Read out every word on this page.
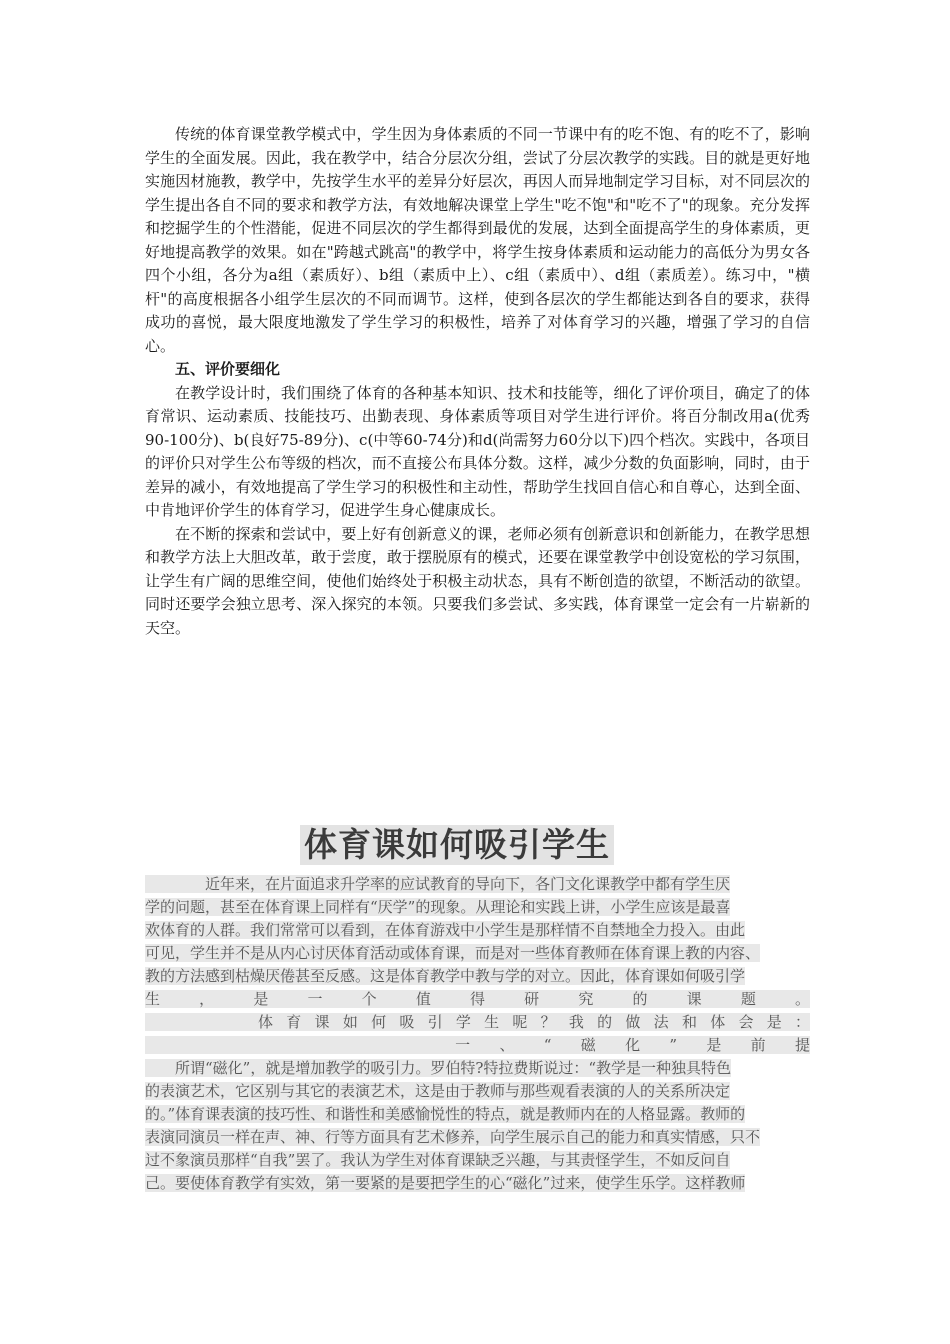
传统的体育课堂教学模式中，学生因为身体素质的不同一节课中有的吃不饱、有的吃不了，影响学生的全面发展。因此，我在教学中，结合分层次分组，尝试了分层次教学的实践。目的就是更好地实施因材施教，教学中，先按学生水平的差异分好层次，再因人而异地制定学习目标，对不同层次的学生提出各自不同的要求和教学方法，有效地解决课堂上学生"吃不饱"和"吃不了"的现象。充分发挥和挖掘学生的个性潜能，促进不同层次的学生都得到最优的发展，达到全面提高学生的身体素质，更好地提高教学的效果。如在"跨越式跳高"的教学中，将学生按身体素质和运动能力的高低分为男女各四个小组，各分为a组（素质好）、b组（素质中上）、c组（素质中）、d组（素质差）。练习中，"横杆"的高度根据各小组学生层次的不同而调节。这样，使到各层次的学生都能达到各自的要求，获得成功的喜悦，最大限度地激发了学生学习的积极性，培养了对体育学习的兴趣，增强了学习的自信心。

五、评价要细化

在教学设计时，我们围绕了体育的各种基本知识、技术和技能等，细化了评价项目，确定了的体育常识、运动素质、技能技巧、出勤表现、身体素质等项目对学生进行评价。将百分制改用a(优秀90-100分)、b(良好75-89分)、c(中等60-74分)和d(尚需努力60分以下)四个档次。实践中，各项目的评价只对学生公布等级的档次，而不直接公布具体分数。这样，减少分数的负面影响，同时，由于差异的减小，有效地提高了学生学习的积极性和主动性，帮助学生找回自信心和自尊心，达到全面、中肯地评价学生的体育学习，促进学生身心健康成长。

在不断的探索和尝试中，要上好有创新意义的课，老师必须有创新意识和创新能力，在教学思想和教学方法上大胆改革，敢于尝度，敢于摆脱原有的模式，还要在课堂教学中创设宽松的学习氛围，让学生有广阔的思维空间，使他们始终处于积极主动状态，具有不断创造的欲望，不断活动的欲望。同时还要学会独立思考、深入探究的本领。只要我们多尝试、多实践，体育课堂一定会有一片崭新的天空。

体育课如何吸引学生
　　　　近年来，在片面追求升学率的应试教育的导向下，各门文化课教学中都有学生厌
学的问题，甚至在体育课上同样有“厌学”的现象。从理论和实践上讲，小学生应该是最喜
欢体育的人群。我们常常可以看到，在体育游戏中小学生是那样情不自禁地全力投入。由此
可见，学生并不是从内心讨厌体育活动或体育课，而是对一些体育教师在体育课上教的内容、
教的方法感到枯燥厌倦甚至反感。这是体育教学中教与学的对立。因此，体育课如何吸引学
生，是一个值得研究的课题。
　　　　体育课如何吸引学生呢？我的做法和体会是：
　　　　　　　一、“磁化”是前提
　　所谓“磁化”，就是增加教学的吸引力。罗伯特?特拉费斯说过：“教学是一种独具特色
的表演艺术，它区别与其它的表演艺术，这是由于教师与那些观看表演的人的关系所决定
的。”体育课表演的技巧性、和谐性和美感愉悦性的特点，就是教师内在的人格显露。教师的
表演同演员一样在声、神、行等方面具有艺术修养，向学生展示自己的能力和真实情感，只不
过不象演员那样“自我”罢了。我认为学生对体育课缺乏兴趣，与其责怪学生，不如反问自
己。要使体育教学有实效，第一要紧的是要把学生的心“磁化”过来，使学生乐学。这样教师
